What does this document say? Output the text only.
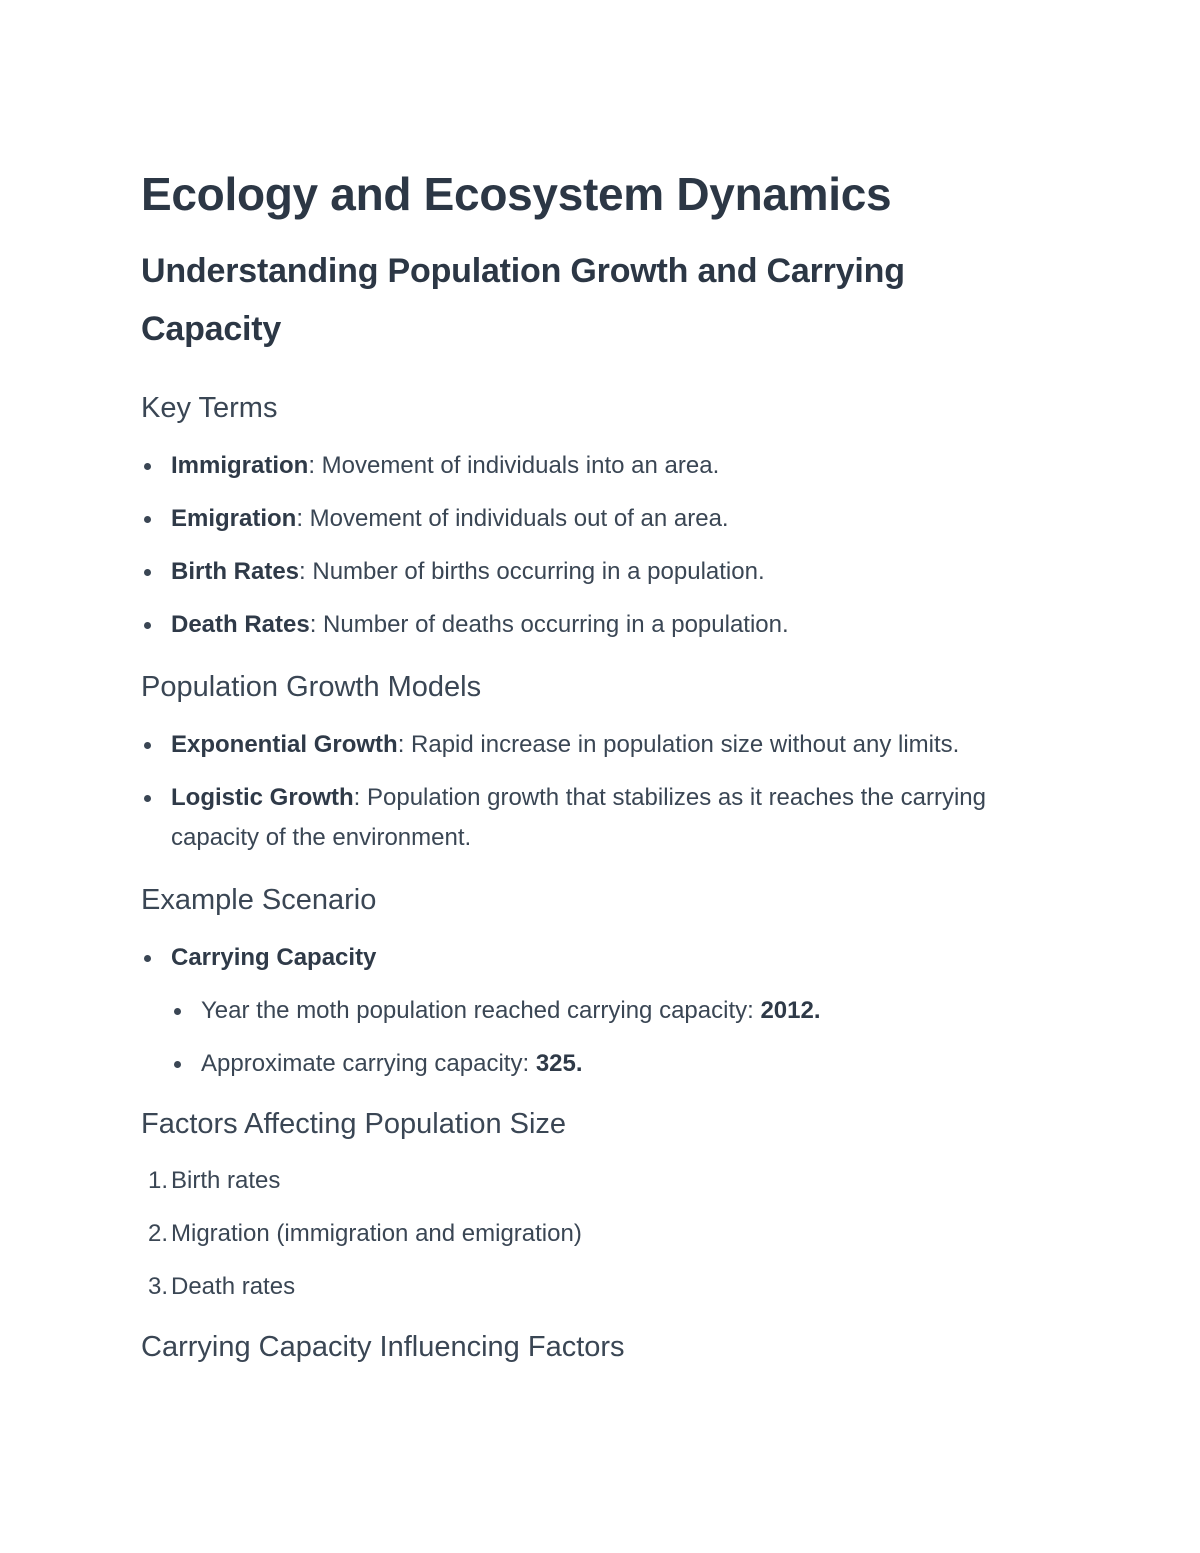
Ecology and Ecosystem Dynamics
Understanding Population Growth and Carrying Capacity
Key Terms
Immigration: Movement of individuals into an area.
Emigration: Movement of individuals out of an area.
Birth Rates: Number of births occurring in a population.
Death Rates: Number of deaths occurring in a population.
Population Growth Models
Exponential Growth: Rapid increase in population size without any limits.
Logistic Growth: Population growth that stabilizes as it reaches the carrying capacity of the environment.
Example Scenario
Carrying Capacity
Year the moth population reached carrying capacity: 2012.
Approximate carrying capacity: 325.
Factors Affecting Population Size
1. Birth rates
2. Migration (immigration and emigration)
3. Death rates
Carrying Capacity Influencing Factors
